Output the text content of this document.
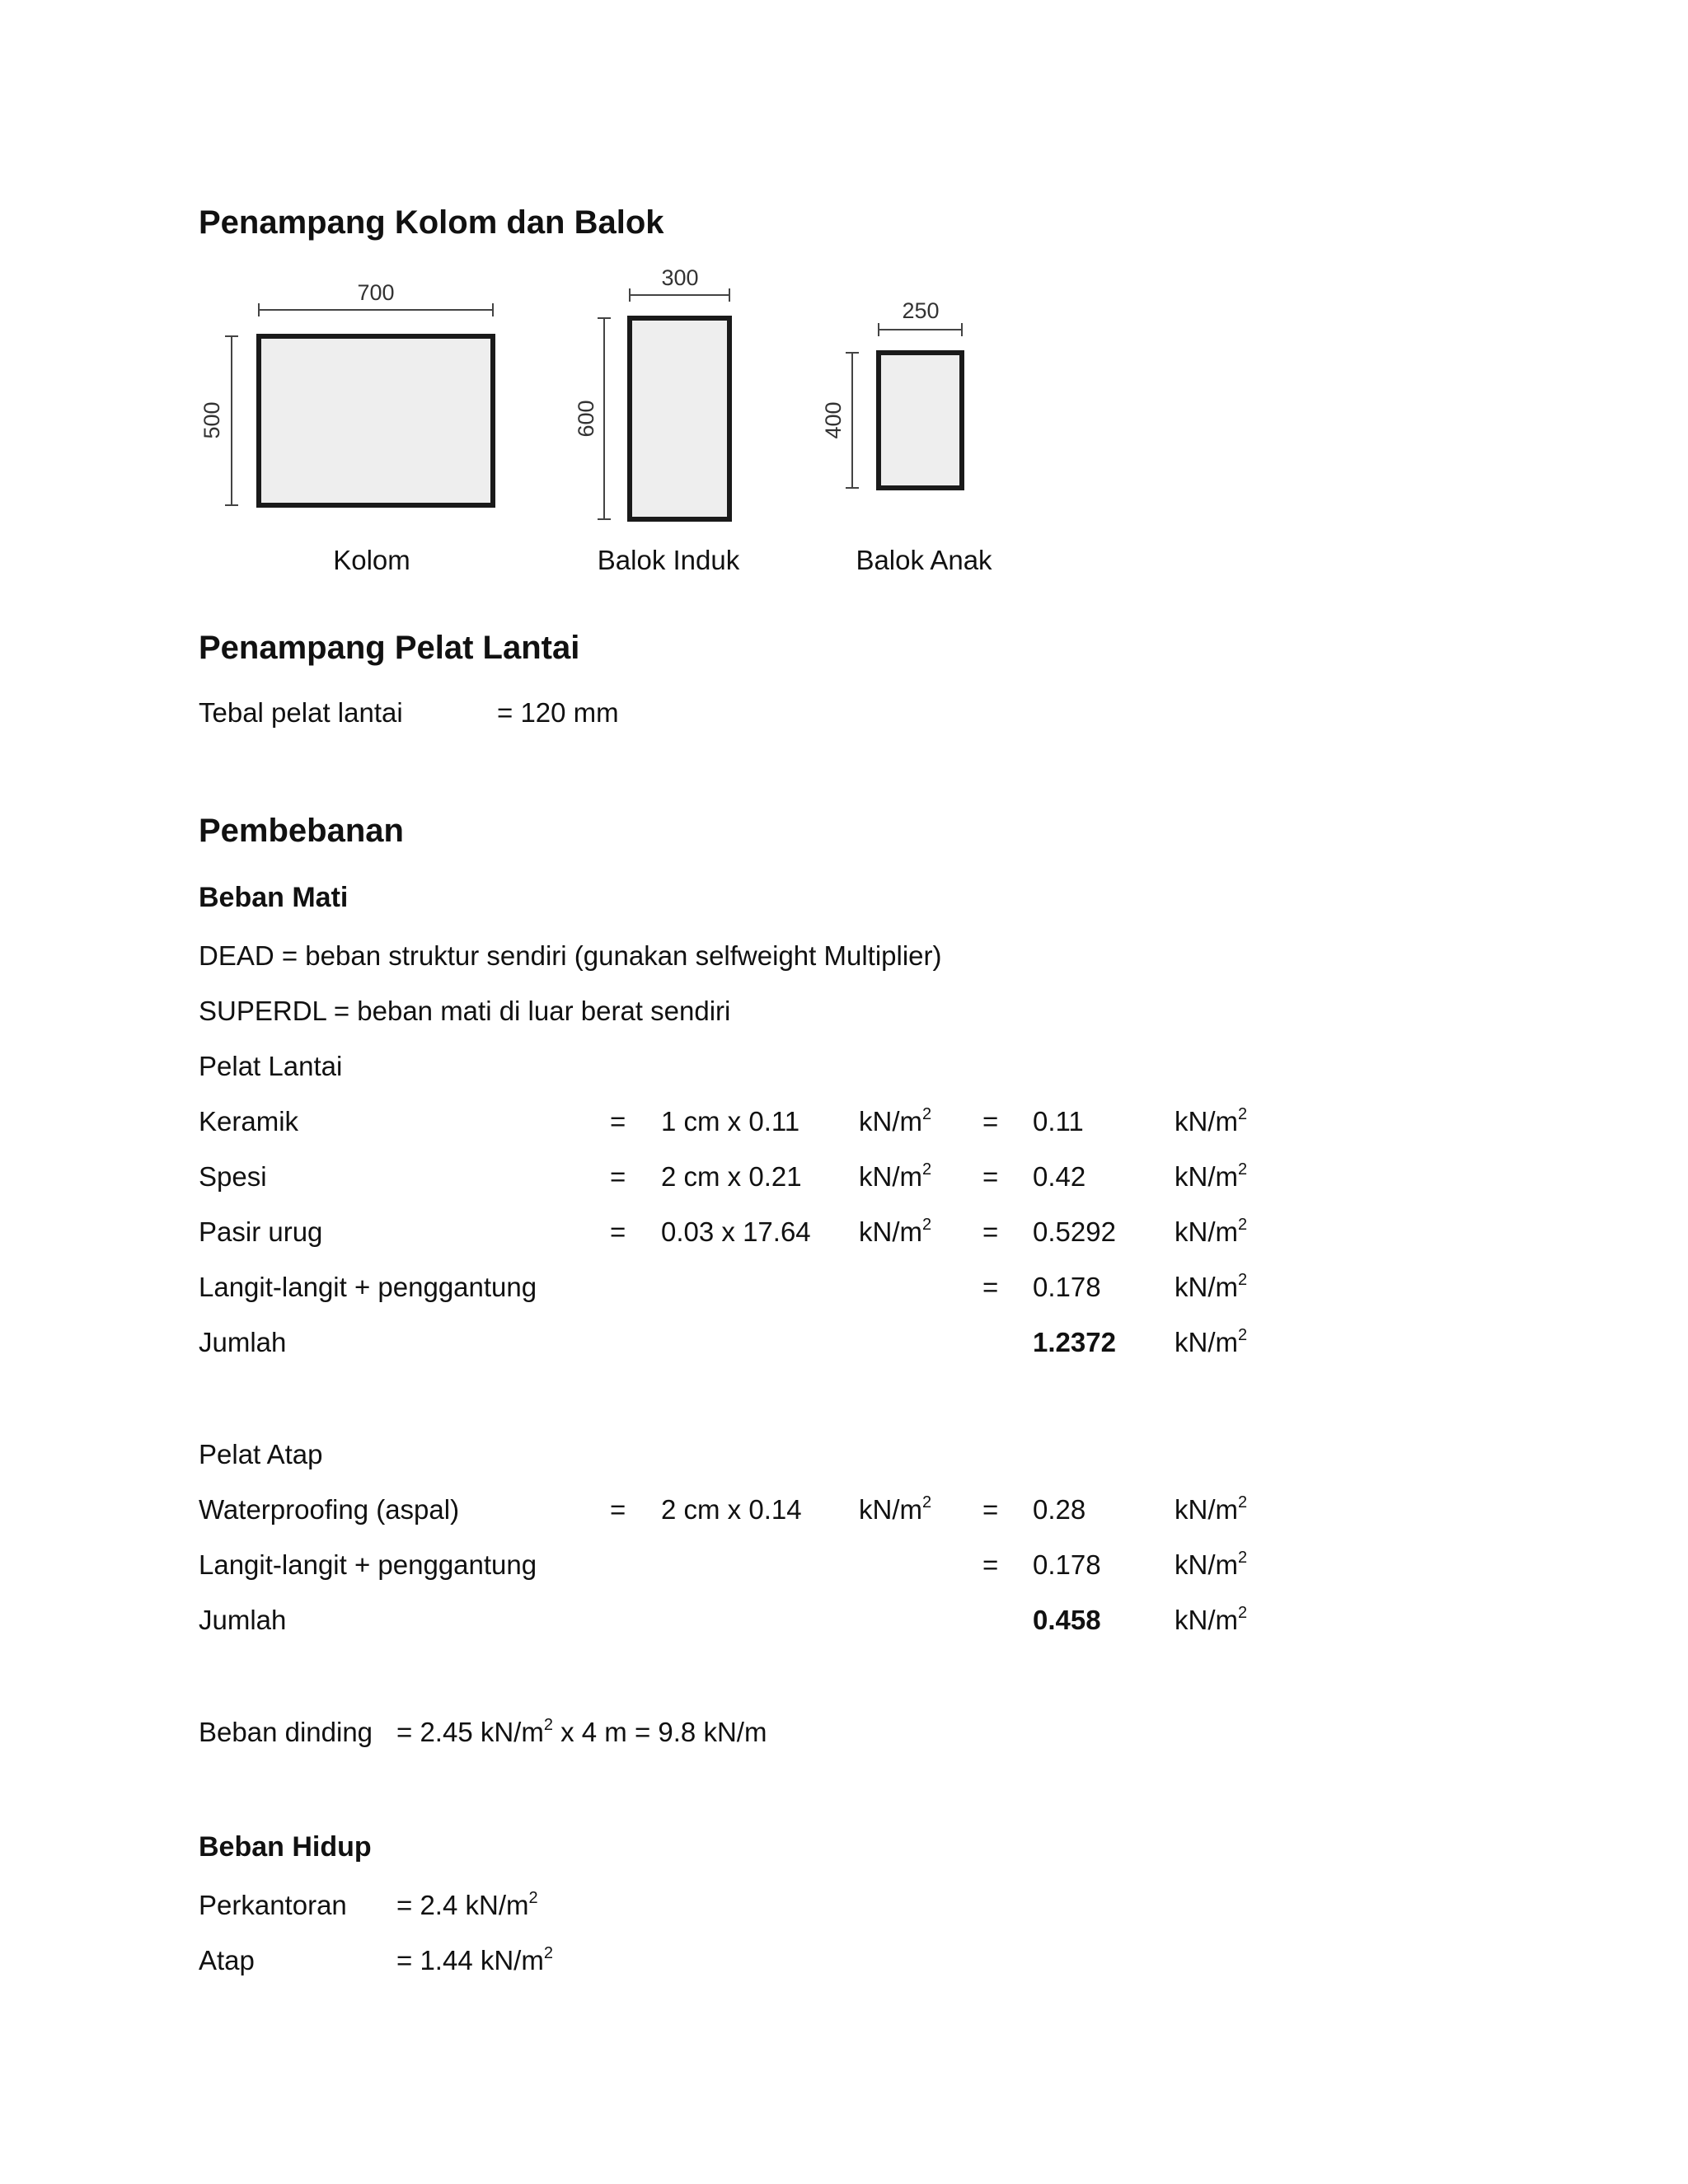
Penampang Kolom dan Balok
700
500
300
600
250
400
Kolom	Balok Induk	Balok Anak
Penampang Pelat Lantai
Tebal pelat lantai	= 120 mm
Pembebanan
Beban Mati
DEAD = beban struktur sendiri (gunakan selfweight Multiplier)
SUPERDL = beban mati di luar berat sendiri
Pelat Lantai
Keramik	= 1 cm x 0.11 $kN/m^2 = 0.11$	$kN/m^2$
Spesi	= 2 cm x 0.21 $kN/m^2 = 0.42$	$kN/m^2$
Pasir urug	= 0.03 x 17.64 $kN/m^2 = 0.5292$ $kN/m^2$
Langit-langit + penggantung	= 0.178	$kN/m^2$
Jumlah	1.2372 $kN/m^2$
Pelat Atap
Waterproofing (aspal)	= 2 cm x 0.14 $kN/m^2 = 0.28$	$kN/m^2$
Langit-langit + penggantung	= 0.178	$kN/m^2$
Jumlah	0.458	$kN/m^2$
Beban dinding = 2.45 $kN/m^2$ x 4 m = 9.8 kN/m
Beban Hidup
Perkantoran = 2.4 $kN/m^2$
Atap	= 1.44 $kN/m^2$
